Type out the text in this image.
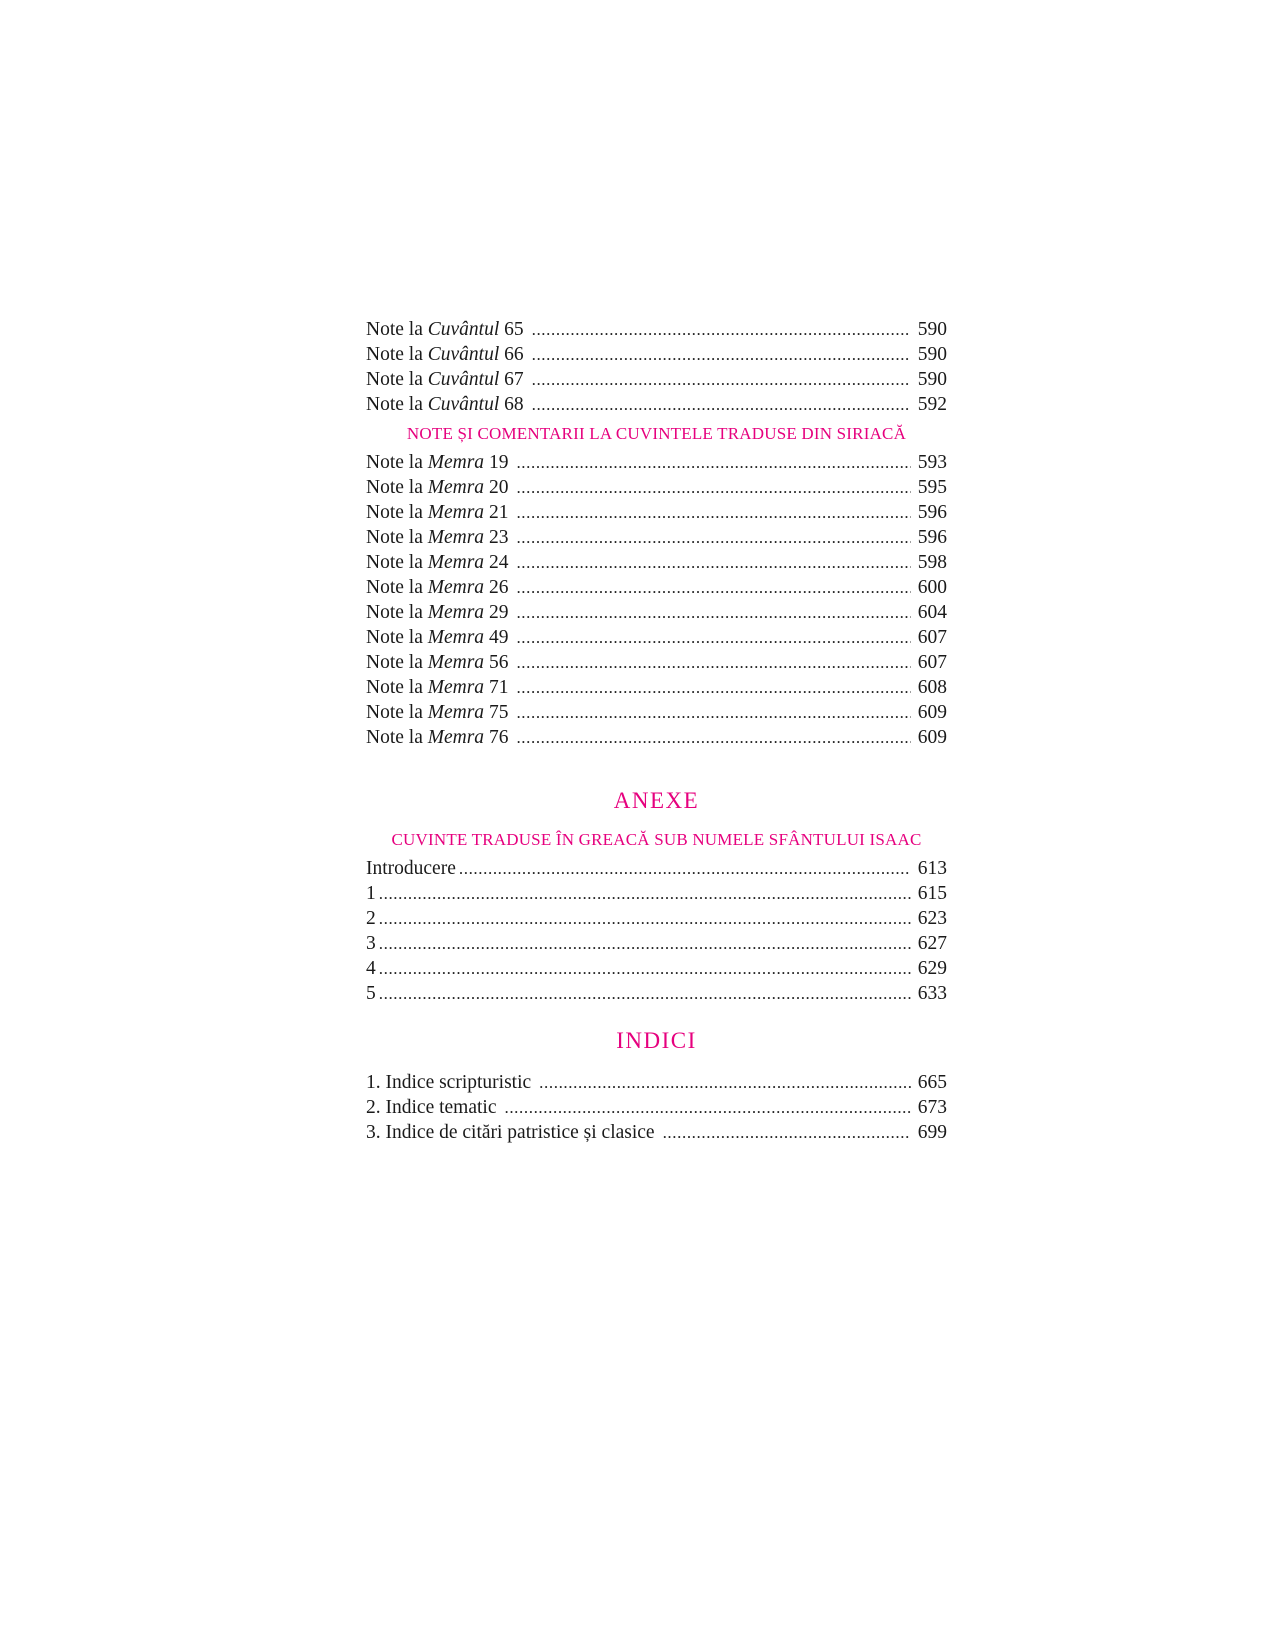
Note la Cuvântul 65 .....	590
Note la Cuvântul 66 .....	590
Note la Cuvântul 67 .....	590
Note la Cuvântul 68 .....	592
NOTE ȘI COMENTARII LA CUVINTELE TRADUSE DIN SIRIACĂ
Note la Memra 19 .....	593
Note la Memra 20 .....	595
Note la Memra 21 .....	596
Note la Memra 23 .....	596
Note la Memra 24 .....	598
Note la Memra 26 .....	600
Note la Memra 29 .....	604
Note la Memra 49 .....	607
Note la Memra 56 .....	607
Note la Memra 71 .....	608
Note la Memra 75 .....	609
Note la Memra 76 .....	609
ANEXE
CUVINTE TRADUSE ÎN GREACĂ SUB NUMELE SFÂNTULUI ISAAC
Introducere .....	613
1 .....	615
2 .....	623
3 .....	627
4 .....	629
5 .....	633
INDICI
1. Indice scripturistic .....	665
2. Indice tematic .....	673
3. Indice de citări patristice și clasice .....	699
